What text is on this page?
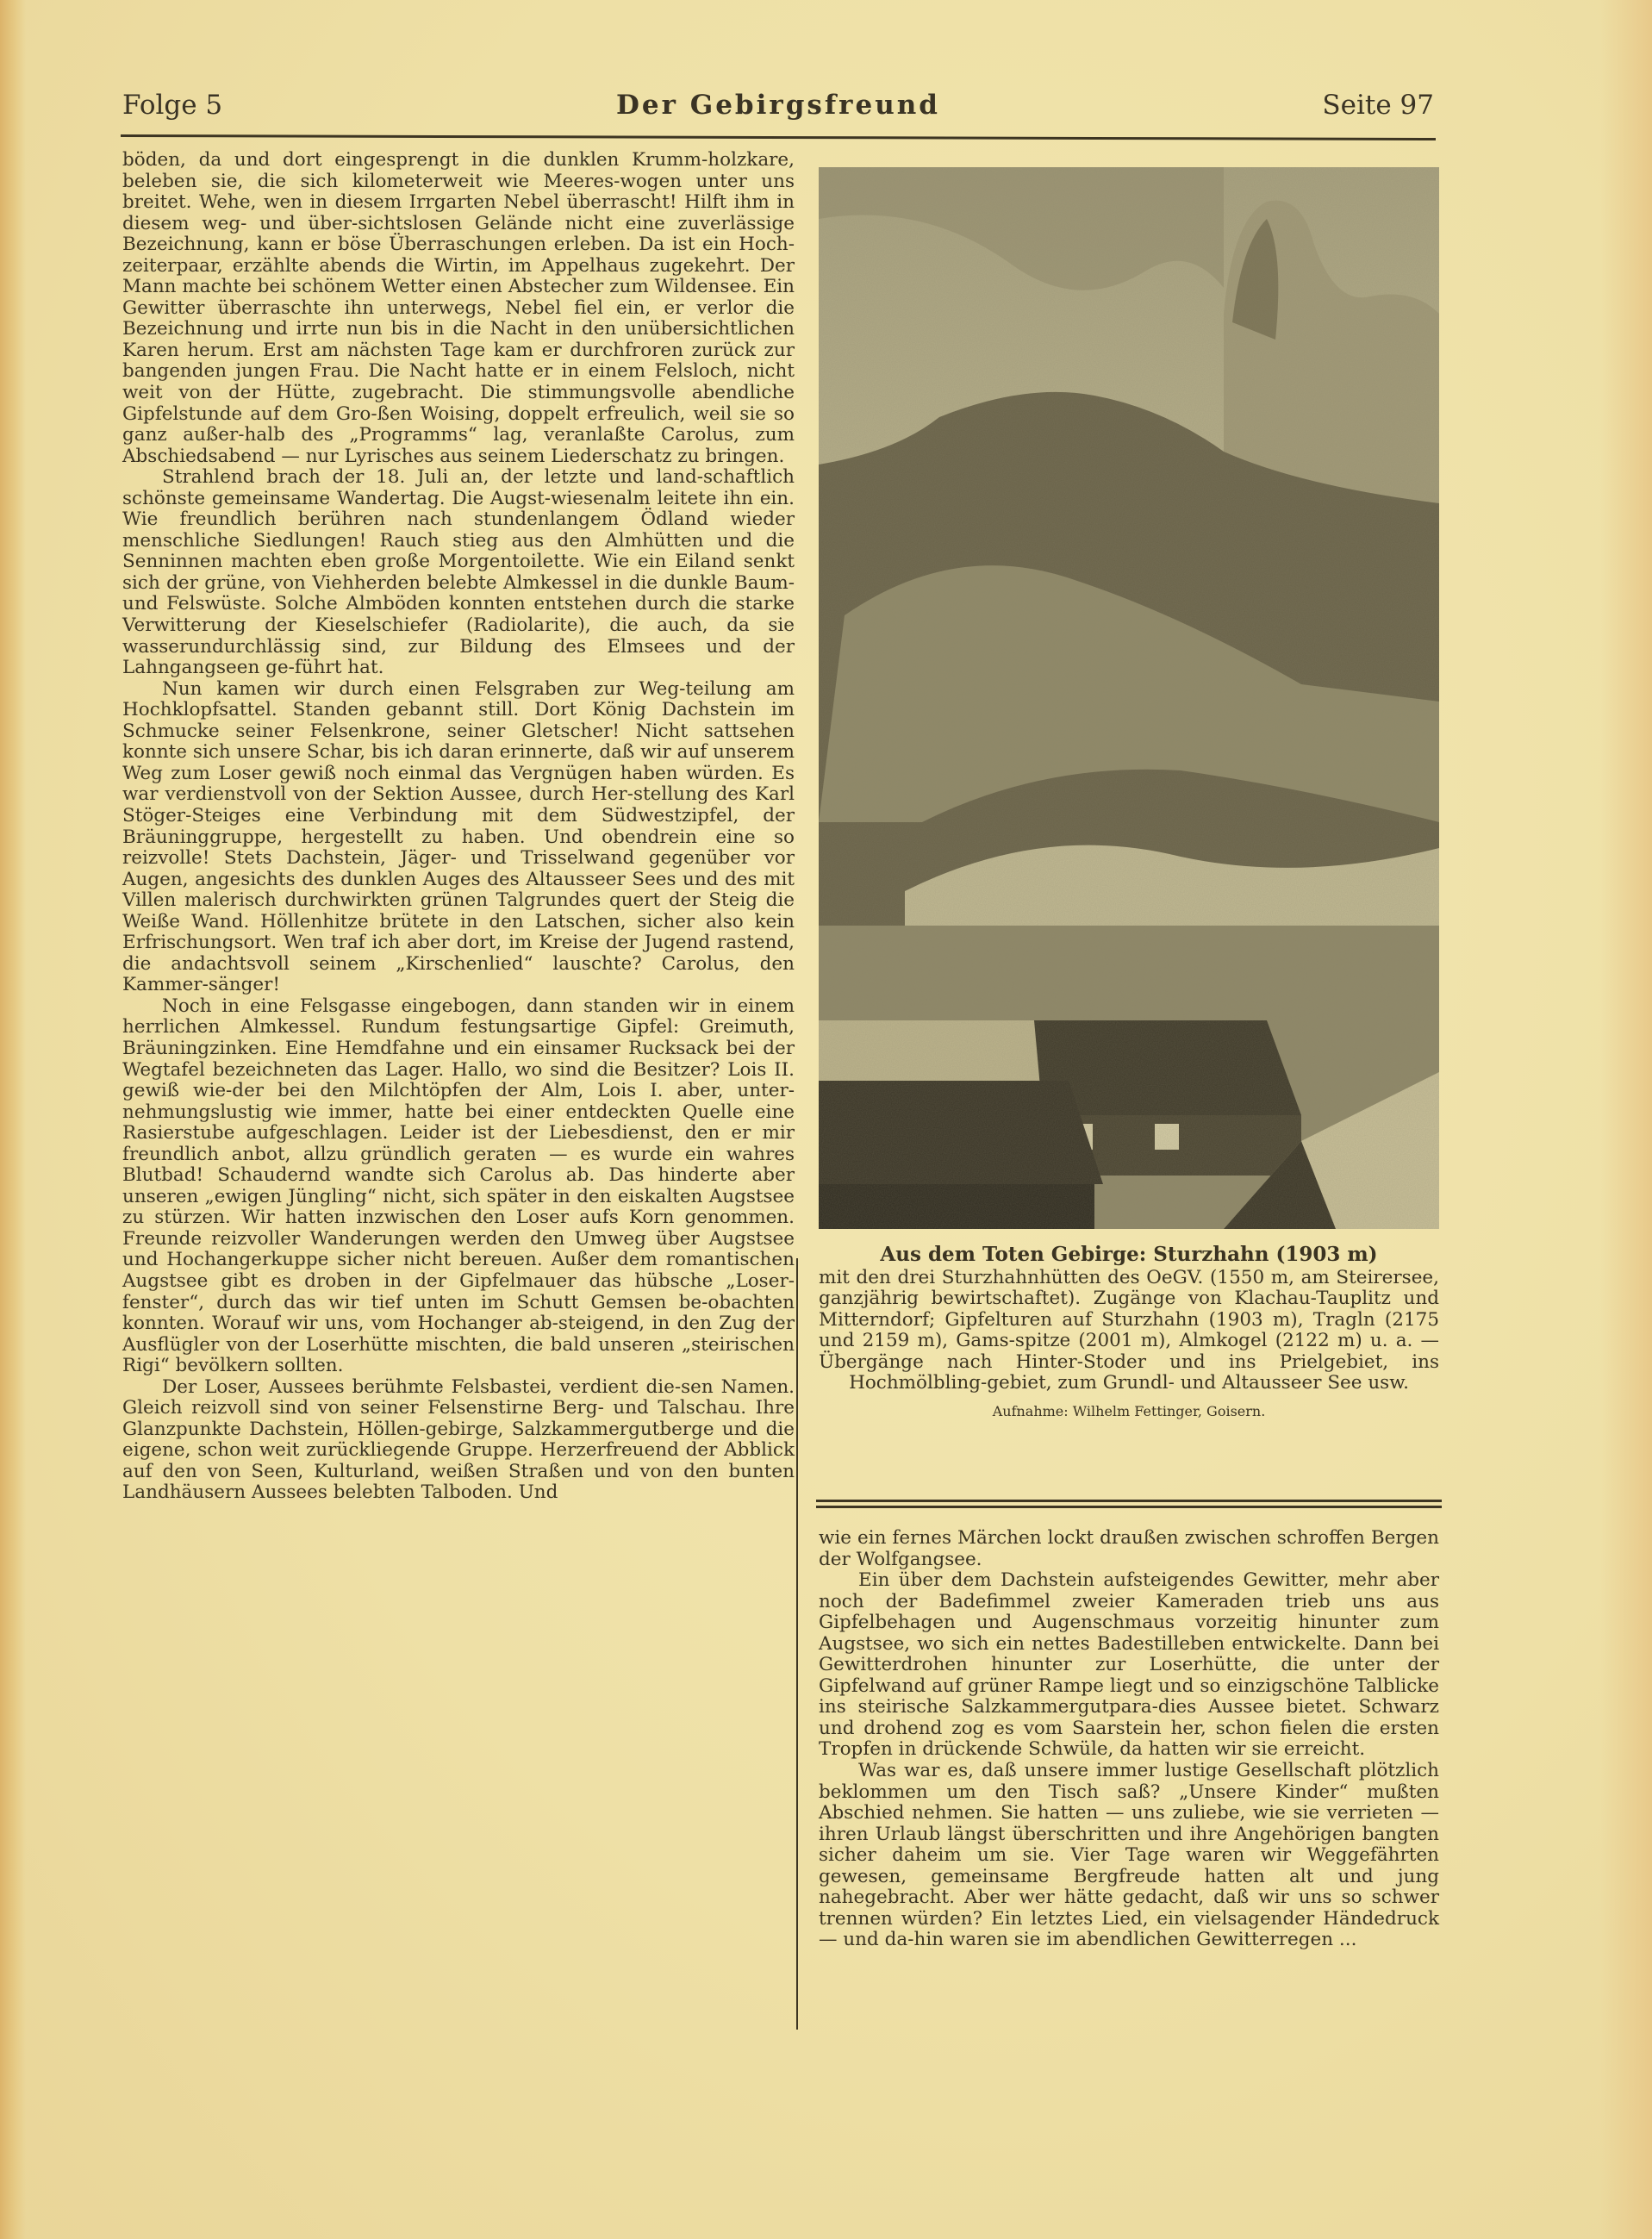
Folge 5	Der Gebirgsfreund	Seite 97

böden, da und dort eingesprengt in die dunklen Krumm-holzkare, beleben sie, die sich kilometerweit wie Meeres-wogen unter uns breitet. Wehe, wen in diesem Irrgarten Nebel überrascht! Hilft ihm in diesem weg- und über-sichtslosen Gelände nicht eine zuverlässige Bezeichnung, kann er böse Überraschungen erleben. Da ist ein Hoch-zeiterpaar, erzählte abends die Wirtin, im Appelhaus zugekehrt. Der Mann machte bei schönem Wetter einen Abstecher zum Wildensee. Ein Gewitter überraschte ihn unterwegs, Nebel fiel ein, er verlor die Bezeichnung und irrte nun bis in die Nacht in den unübersichtlichen Karen herum. Erst am nächsten Tage kam er durchfroren zurück zur bangenden jungen Frau. Die Nacht hatte er in einem Felsloch, nicht weit von der Hütte, zugebracht. Die stimmungsvolle abendliche Gipfelstunde auf dem Gro-ßen Woising, doppelt erfreulich, weil sie so ganz außer-halb des „Programms“ lag, veranlaßte Carolus, zum Abschiedsabend — nur Lyrisches aus seinem Liederschatz zu bringen.

Strahlend brach der 18. Juli an, der letzte und land-schaftlich schönste gemeinsame Wandertag. Die Augst-wiesenalm leitete ihn ein. Wie freundlich berühren nach stundenlangem Ödland wieder menschliche Siedlungen! Rauch stieg aus den Almhütten und die Senninnen machten eben große Morgentoilette. Wie ein Eiland senkt sich der grüne, von Viehherden belebte Almkessel in die dunkle Baum- und Felswüste. Solche Almböden konnten entstehen durch die starke Verwitterung der Kieselschiefer (Radiolarite), die auch, da sie wasserundurchlässig sind, zur Bildung des Elmsees und der Lahngangseen ge-führt hat.

Nun kamen wir durch einen Felsgraben zur Weg-teilung am Hochklopfsattel. Standen gebannt still. Dort König Dachstein im Schmucke seiner Felsenkrone, seiner Gletscher! Nicht sattsehen konnte sich unsere Schar, bis ich daran erinnerte, daß wir auf unserem Weg zum Loser gewiß noch einmal das Vergnügen haben würden. Es war verdienstvoll von der Sektion Aussee, durch Her-stellung des Karl Stöger-Steiges eine Verbindung mit dem Südwestzipfel, der Bräuninggruppe, hergestellt zu haben. Und obendrein eine so reizvolle! Stets Dachstein, Jäger- und Trisselwand gegenüber vor Augen, angesichts des dunklen Auges des Altausseer Sees und des mit Villen malerisch durchwirkten grünen Talgrundes quert der Steig die Weiße Wand. Höllenhitze brütete in den Latschen, sicher also kein Erfrischungsort. Wen traf ich aber dort, im Kreise der Jugend rastend, die andachtsvoll seinem „Kirschenlied“ lauschte? Carolus, den Kammer-sänger!

Noch in eine Felsgasse eingebogen, dann standen wir in einem herrlichen Almkessel. Rundum festungsartige Gipfel: Greimuth, Bräuningzinken. Eine Hemdfahne und ein einsamer Rucksack bei der Wegtafel bezeichneten das Lager. Hallo, wo sind die Besitzer? Lois II. gewiß wie-der bei den Milchtöpfen der Alm, Lois I. aber, unter-nehmungslustig wie immer, hatte bei einer entdeckten Quelle eine Rasierstube aufgeschlagen. Leider ist der Liebesdienst, den er mir freundlich anbot, allzu gründlich geraten — es wurde ein wahres Blutbad! Schaudernd wandte sich Carolus ab. Das hinderte aber unseren „ewigen Jüngling“ nicht, sich später in den eiskalten Augstsee zu stürzen. Wir hatten inzwischen den Loser aufs Korn genommen. Freunde reizvoller Wanderungen werden den Umweg über Augstsee und Hochangerkuppe sicher nicht bereuen. Außer dem romantischen Augstsee gibt es droben in der Gipfelmauer das hübsche „Loser-fenster“, durch das wir tief unten im Schutt Gemsen be-obachten konnten. Worauf wir uns, vom Hochanger ab-steigend, in den Zug der Ausflügler von der Loserhütte mischten, die bald unseren „steirischen Rigi“ bevölkern sollten.

Der Loser, Aussees berühmte Felsbastei, verdient die-sen Namen. Gleich reizvoll sind von seiner Felsenstirne Berg- und Talschau. Ihre Glanzpunkte Dachstein, Höllen-gebirge, Salzkammergutberge und die eigene, schon weit zurückliegende Gruppe. Herzerfreuend der Abblick auf den von Seen, Kulturland, weißen Straßen und von den bunten Landhäusern Aussees belebten Talboden. Und

Aus dem Toten Gebirge: Sturzhahn (1903 m)
mit den drei Sturzhahnhütten des OeGV. (1550 m, am Steirersee, ganzjährig bewirtschaftet). Zugänge von Klachau-Tauplitz und Mitterndorf; Gipfelturen auf Sturzhahn (1903 m), Tragln (2175 und 2159 m), Gams-spitze (2001 m), Almkogel (2122 m) u. a. — Übergänge nach Hinter-Stoder und ins Prielgebiet, ins Hochmölbling-gebiet, zum Grundl- und Altausseer See usw.
Aufnahme: Wilhelm Fettinger, Goisern.

wie ein fernes Märchen lockt draußen zwischen schroffen Bergen der Wolfgangsee.

Ein über dem Dachstein aufsteigendes Gewitter, mehr aber noch der Badefimmel zweier Kameraden trieb uns aus Gipfelbehagen und Augenschmaus vorzeitig hinunter zum Augstsee, wo sich ein nettes Badestilleben entwickelte. Dann bei Gewitterdrohen hinunter zur Loserhütte, die unter der Gipfelwand auf grüner Rampe liegt und so einzigschöne Talblicke ins steirische Salzkammergutpara-dies Aussee bietet. Schwarz und drohend zog es vom Saarstein her, schon fielen die ersten Tropfen in drückende Schwüle, da hatten wir sie erreicht.

Was war es, daß unsere immer lustige Gesellschaft plötzlich beklommen um den Tisch saß? „Unsere Kinder“ mußten Abschied nehmen. Sie hatten — uns zuliebe, wie sie verrieten — ihren Urlaub längst überschritten und ihre Angehörigen bangten sicher daheim um sie. Vier Tage waren wir Weggefährten gewesen, gemeinsame Bergfreude hatten alt und jung nahegebracht. Aber wer hätte gedacht, daß wir uns so schwer trennen würden? Ein letztes Lied, ein vielsagender Händedruck — und da-hin waren sie im abendlichen Gewitterregen ...
